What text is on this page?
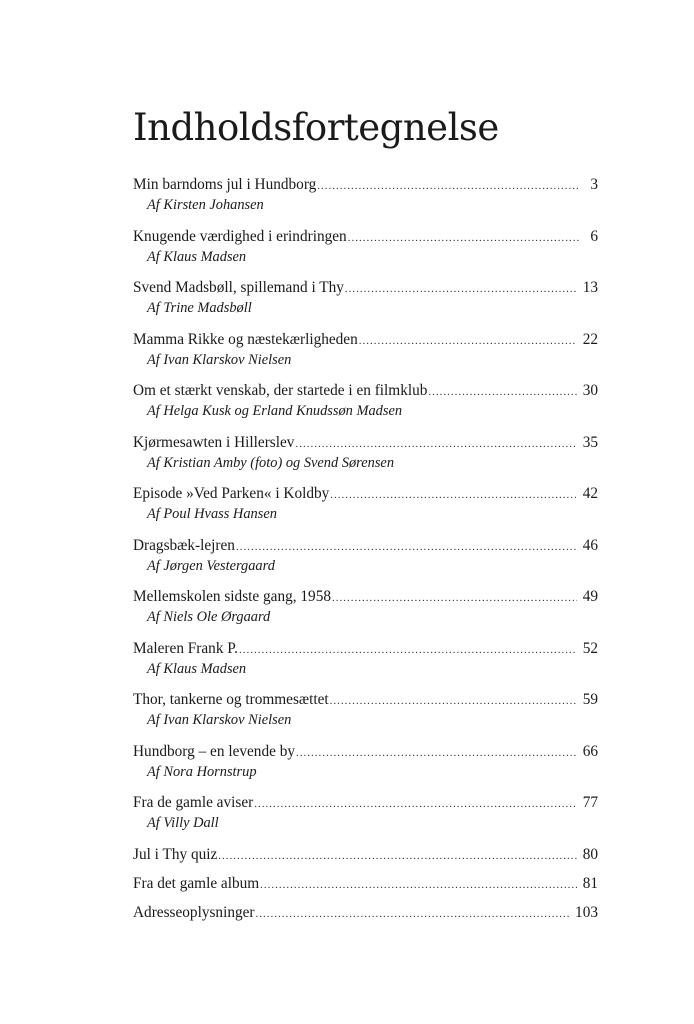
Indholdsfortegnelse
Min barndoms jul i Hundborg .....	3
Af Kirsten Johansen
Knugende værdighed i erindringen .....	6
Af Klaus Madsen
Svend Madsbøll, spillemand i Thy .....	13
Af Trine Madsbøll
Mamma Rikke og næstekærligheden .....	22
Af Ivan Klarskov Nielsen
Om et stærkt venskab, der startede i en filmklub .....	30
Af Helga Kusk og Erland Knudssøn Madsen
Kjørmesawten i Hillerslev .....	35
Af Kristian Amby (foto) og Svend Sørensen
Episode »Ved Parken« i Koldby .....	42
Af Poul Hvass Hansen
Dragsbæk-lejren .....	46
Af Jørgen Vestergaard
Mellemskolen sidste gang, 1958 .....	49
Af Niels Ole Ørgaard
Maleren Frank P. .....	52
Af Klaus Madsen
Thor, tankerne og trommesættet .....	59
Af Ivan Klarskov Nielsen
Hundborg – en levende by .....	66
Af Nora Hornstrup
Fra de gamle aviser .....	77
Af Villy Dall
Jul i Thy quiz .....	80
Fra det gamle album .....	81
Adresseoplysninger .....	103
